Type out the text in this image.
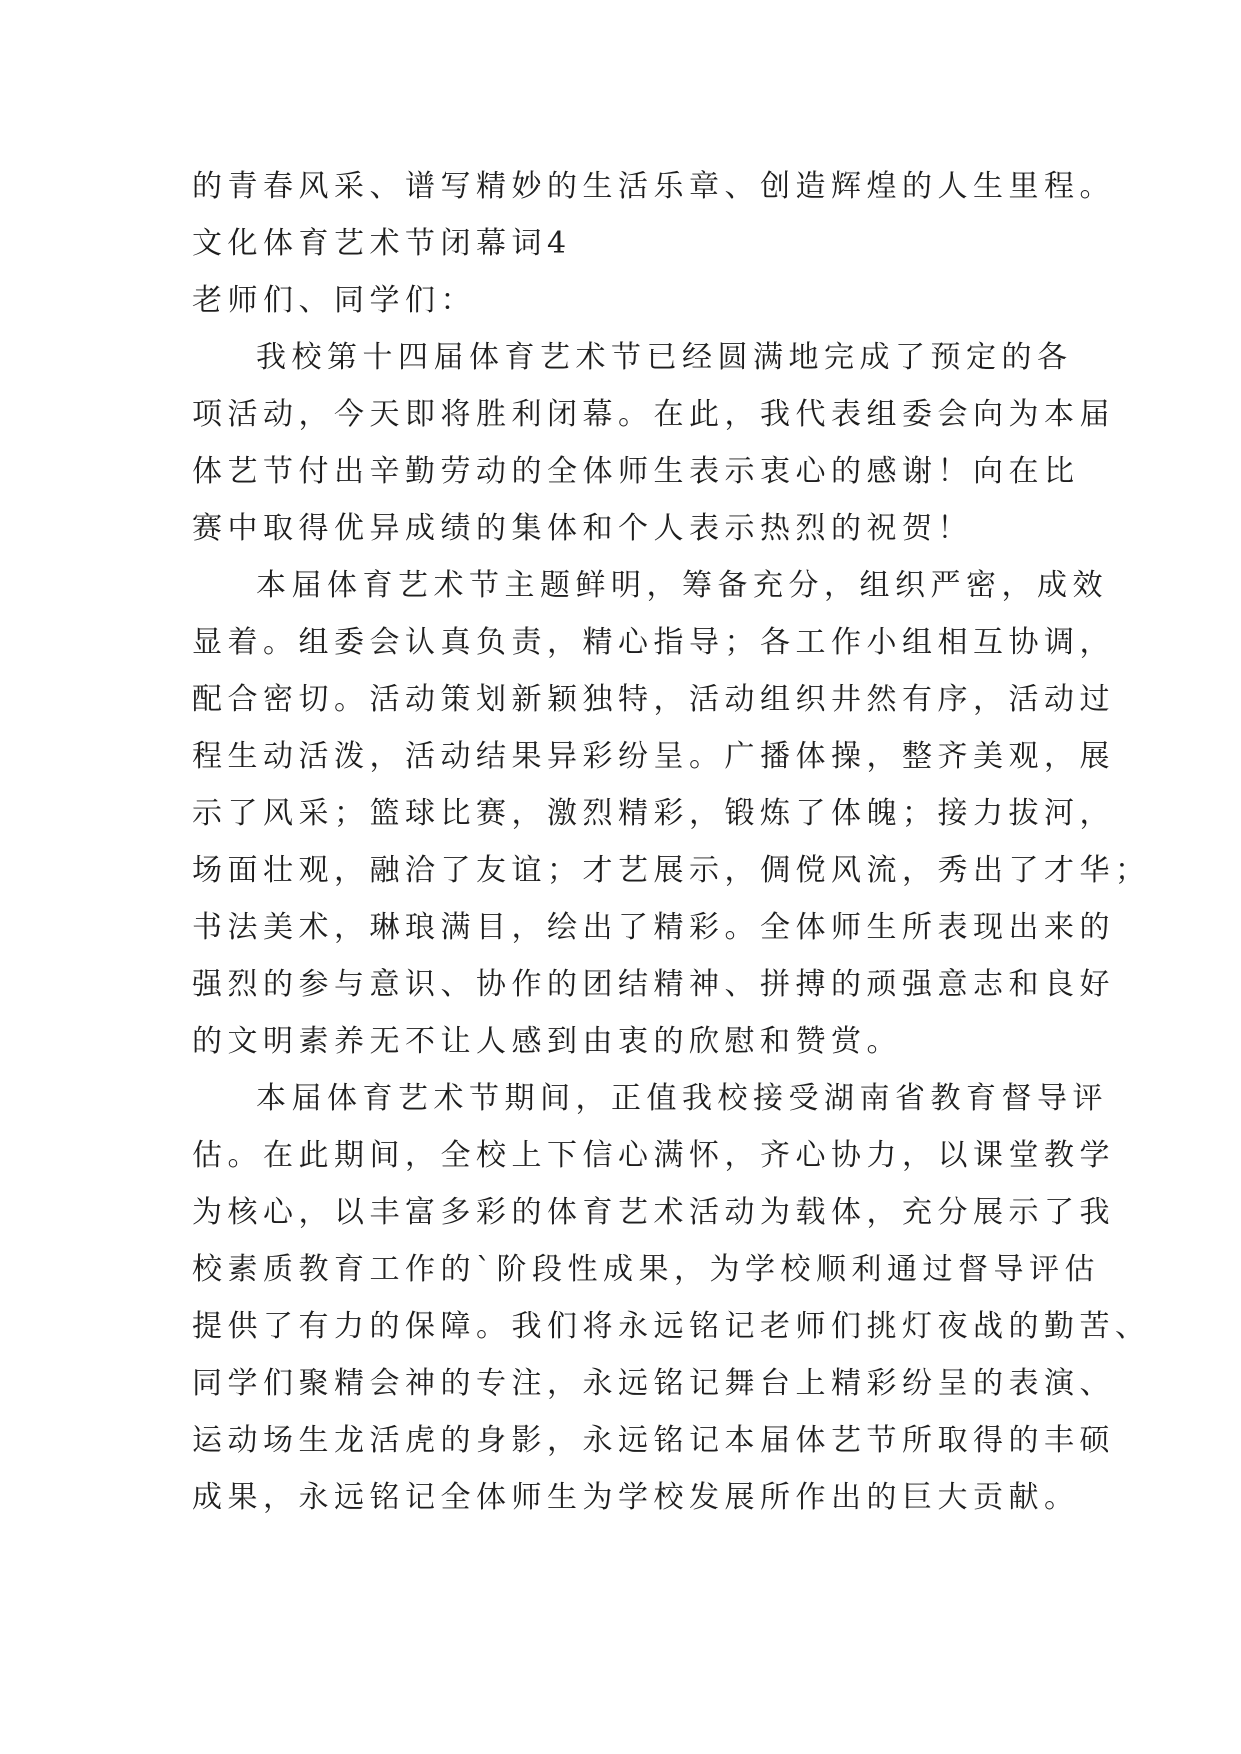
的青春风采、谱写精妙的生活乐章、创造辉煌的人生里程。
文化体育艺术节闭幕词4
老师们、同学们：
我校第十四届体育艺术节已经圆满地完成了预定的各
项活动，今天即将胜利闭幕。在此，我代表组委会向为本届
体艺节付出辛勤劳动的全体师生表示衷心的感谢！向在比
赛中取得优异成绩的集体和个人表示热烈的祝贺！
本届体育艺术节主题鲜明，筹备充分，组织严密，成效
显着。组委会认真负责，精心指导；各工作小组相互协调，
配合密切。活动策划新颖独特，活动组织井然有序，活动过
程生动活泼，活动结果异彩纷呈。广播体操，整齐美观，展
示了风采；篮球比赛，激烈精彩，锻炼了体魄；接力拔河，
场面壮观，融洽了友谊；才艺展示，倜傥风流，秀出了才华；
书法美术，琳琅满目，绘出了精彩。全体师生所表现出来的
强烈的参与意识、协作的团结精神、拼搏的顽强意志和良好
的文明素养无不让人感到由衷的欣慰和赞赏。
本届体育艺术节期间，正值我校接受湖南省教育督导评
估。在此期间，全校上下信心满怀，齐心协力，以课堂教学
为核心，以丰富多彩的体育艺术活动为载体，充分展示了我
校素质教育工作的`阶段性成果，为学校顺利通过督导评估
提供了有力的保障。我们将永远铭记老师们挑灯夜战的勤苦、
同学们聚精会神的专注，永远铭记舞台上精彩纷呈的表演、
运动场生龙活虎的身影，永远铭记本届体艺节所取得的丰硕
成果，永远铭记全体师生为学校发展所作出的巨大贡献。
